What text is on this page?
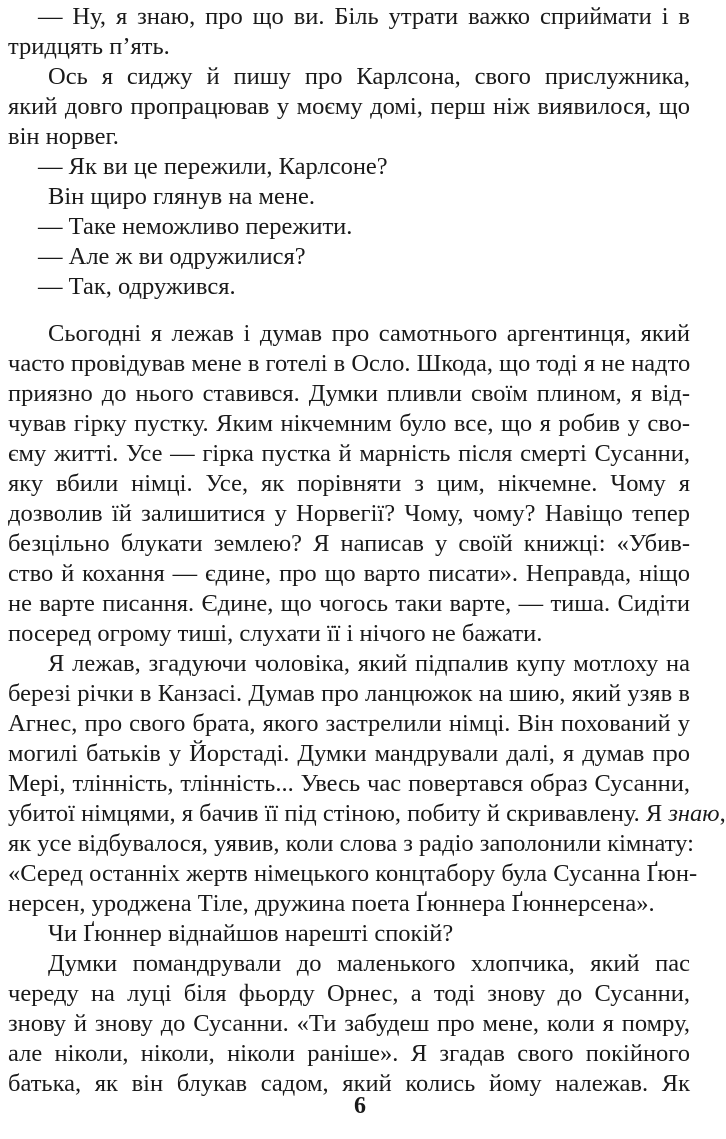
— Ну, я знаю, про що ви. Біль утрати важко сприймати і в
тридцять п’ять.
Ось я сиджу й пишу про Карлсона, свого прислужника,
який довго пропрацював у моєму домі, перш ніж виявилося, що
він норвег.
— Як ви це пережили, Карлсоне?
Він щиро глянув на мене.
— Таке неможливо пережити.
— Але ж ви одружилися?
— Так, одружився.
Сьогодні я лежав і думав про самотнього аргентинця, який
часто провідував мене в готелі в Осло. Шкода, що тоді я не надто
приязно до нього ставився. Думки пливли своїм плином, я від-
чував гірку пустку. Яким нікчемним було все, що я робив у сво-
єму житті. Усе — гірка пустка й марність після смерті Сусанни,
яку вбили німці. Усе, як порівняти з цим, нікчемне. Чому я
дозволив їй залишитися у Норвегії? Чому, чому? Навіщо тепер
безцільно блукати землею? Я написав у своїй книжці: «Убив-
ство й кохання — єдине, про що варто писати». Неправда, ніщо
не варте писання. Єдине, що чогось таки варте, — тиша. Сидіти
посеред огрому тиші, слухати її і нічого не бажати.
Я лежав, згадуючи чоловіка, який підпалив купу мотлоху на
березі річки в Канзасі. Думав про ланцюжок на шию, який узяв в
Агнес, про свого брата, якого застрелили німці. Він похований у
могилі батьків у Йорстаді. Думки мандрували далі, я думав про
Мері, тлінність, тлінність... Увесь час повертався образ Сусанни,
убитої німцями, я бачив її під стіною, побиту й скривавлену. Я знаю,
як усе відбувалося, уявив, коли слова з радіо заполонили кімнату:
«Серед останніх жертв німецького концтабору була Сусанна Ґюн-
нерсен, уроджена Тіле, дружина поета Ґюннера Ґюннерсена».
Чи Ґюннер віднайшов нарешті спокій?
Думки помандрували до маленького хлопчика, який пас
череду на луці біля фьорду Орнес, а тоді знову до Сусанни,
знову й знову до Сусанни. «Ти забудеш про мене, коли я помру,
але ніколи, ніколи, ніколи раніше». Я згадав свого покійного
батька, як він блукав садом, який колись йому належав. Як
6
